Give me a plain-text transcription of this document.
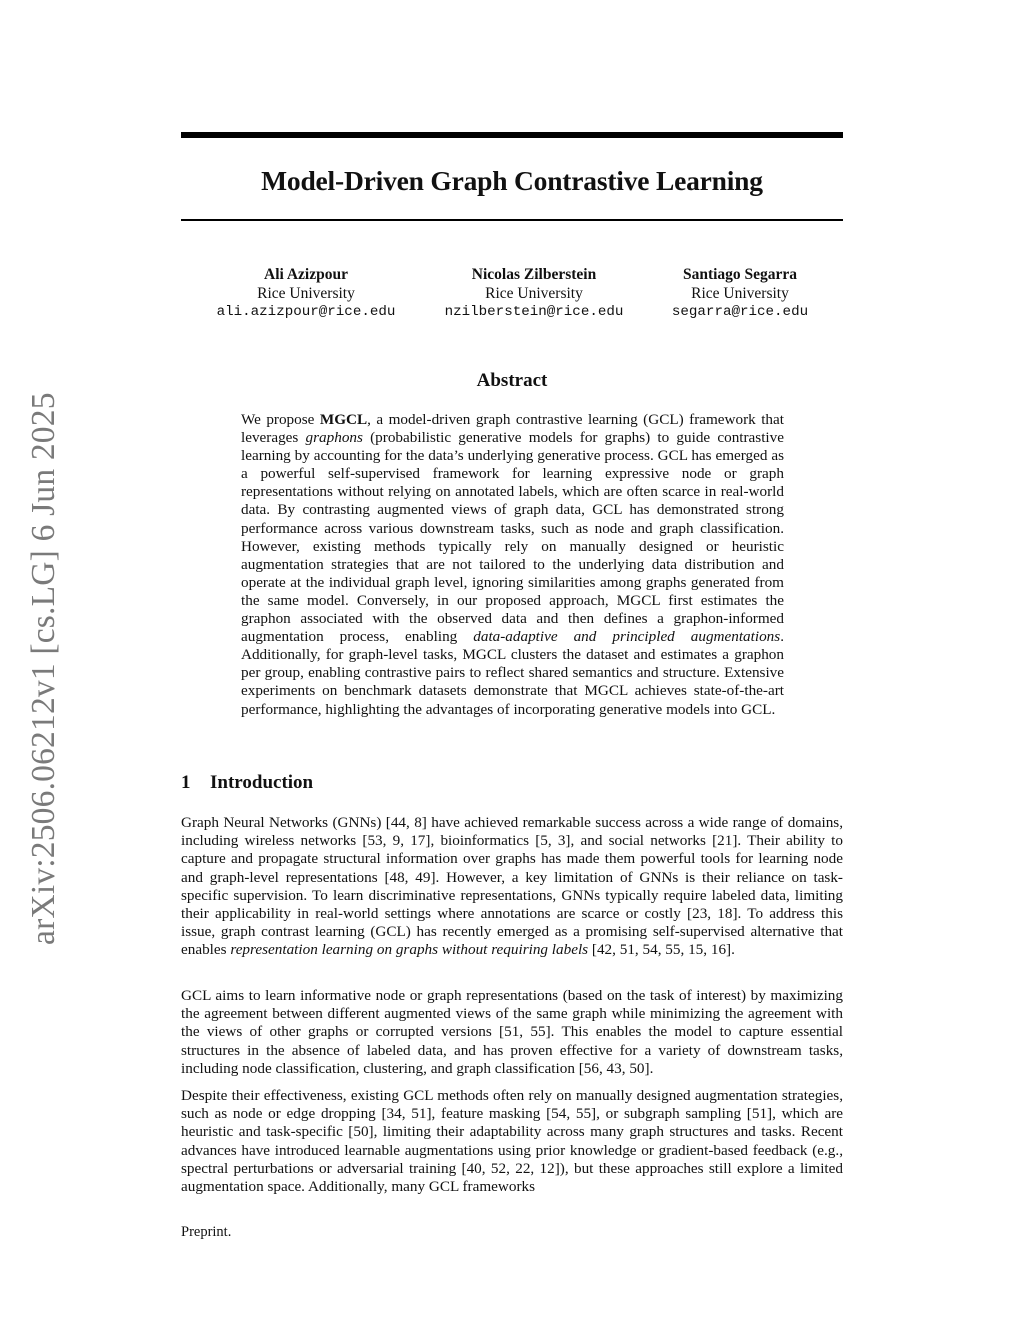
arXiv:2506.06212v1 [cs.LG] 6 Jun 2025
Model-Driven Graph Contrastive Learning
Ali Azizpour
Rice University
ali.azizpour@rice.edu
Nicolas Zilberstein
Rice University
nzilberstein@rice.edu
Santiago Segarra
Rice University
segarra@rice.edu
Abstract

We propose MGCL, a model-driven graph contrastive learning (GCL) framework that leverages graphons (probabilistic generative models for graphs) to guide contrastive learning by accounting for the data’s underlying generative process. GCL has emerged as a powerful self-supervised framework for learning expressive node or graph representations without relying on annotated labels, which are often scarce in real-world data. By contrasting augmented views of graph data, GCL has demonstrated strong performance across various downstream tasks, such as node and graph classification. However, existing methods typically rely on manually designed or heuristic augmentation strategies that are not tailored to the underlying data distribution and operate at the individual graph level, ignoring similarities among graphs generated from the same model. Conversely, in our proposed approach, MGCL first estimates the graphon associated with the observed data and then defines a graphon-informed augmentation process, enabling data-adaptive and principled augmentations. Additionally, for graph-level tasks, MGCL clusters the dataset and estimates a graphon per group, enabling contrastive pairs to reflect shared semantics and structure. Extensive experiments on benchmark datasets demonstrate that MGCL achieves state-of-the-art performance, highlighting the advantages of incorporating generative models into GCL.

1 Introduction

Graph Neural Networks (GNNs) [44, 8] have achieved remarkable success across a wide range of domains, including wireless networks [53, 9, 17], bioinformatics [5, 3], and social networks [21]. Their ability to capture and propagate structural information over graphs has made them powerful tools for learning node and graph-level representations [48, 49]. However, a key limitation of GNNs is their reliance on task-specific supervision. To learn discriminative representations, GNNs typically require labeled data, limiting their applicability in real-world settings where annotations are scarce or costly [23, 18]. To address this issue, graph contrast learning (GCL) has recently emerged as a promising self-supervised alternative that enables representation learning on graphs without requiring labels [42, 51, 54, 55, 15, 16].

GCL aims to learn informative node or graph representations (based on the task of interest) by maximizing the agreement between different augmented views of the same graph while minimizing the agreement with the views of other graphs or corrupted versions [51, 55]. This enables the model to capture essential structures in the absence of labeled data, and has proven effective for a variety of downstream tasks, including node classification, clustering, and graph classification [56, 43, 50].

Despite their effectiveness, existing GCL methods often rely on manually designed augmentation strategies, such as node or edge dropping [34, 51], feature masking [54, 55], or subgraph sampling [51], which are heuristic and task-specific [50], limiting their adaptability across many graph structures and tasks. Recent advances have introduced learnable augmentations using prior knowledge or gradient-based feedback (e.g., spectral perturbations or adversarial training [40, 52, 22, 12]), but these approaches still explore a limited augmentation space. Additionally, many GCL frameworks

Preprint.
